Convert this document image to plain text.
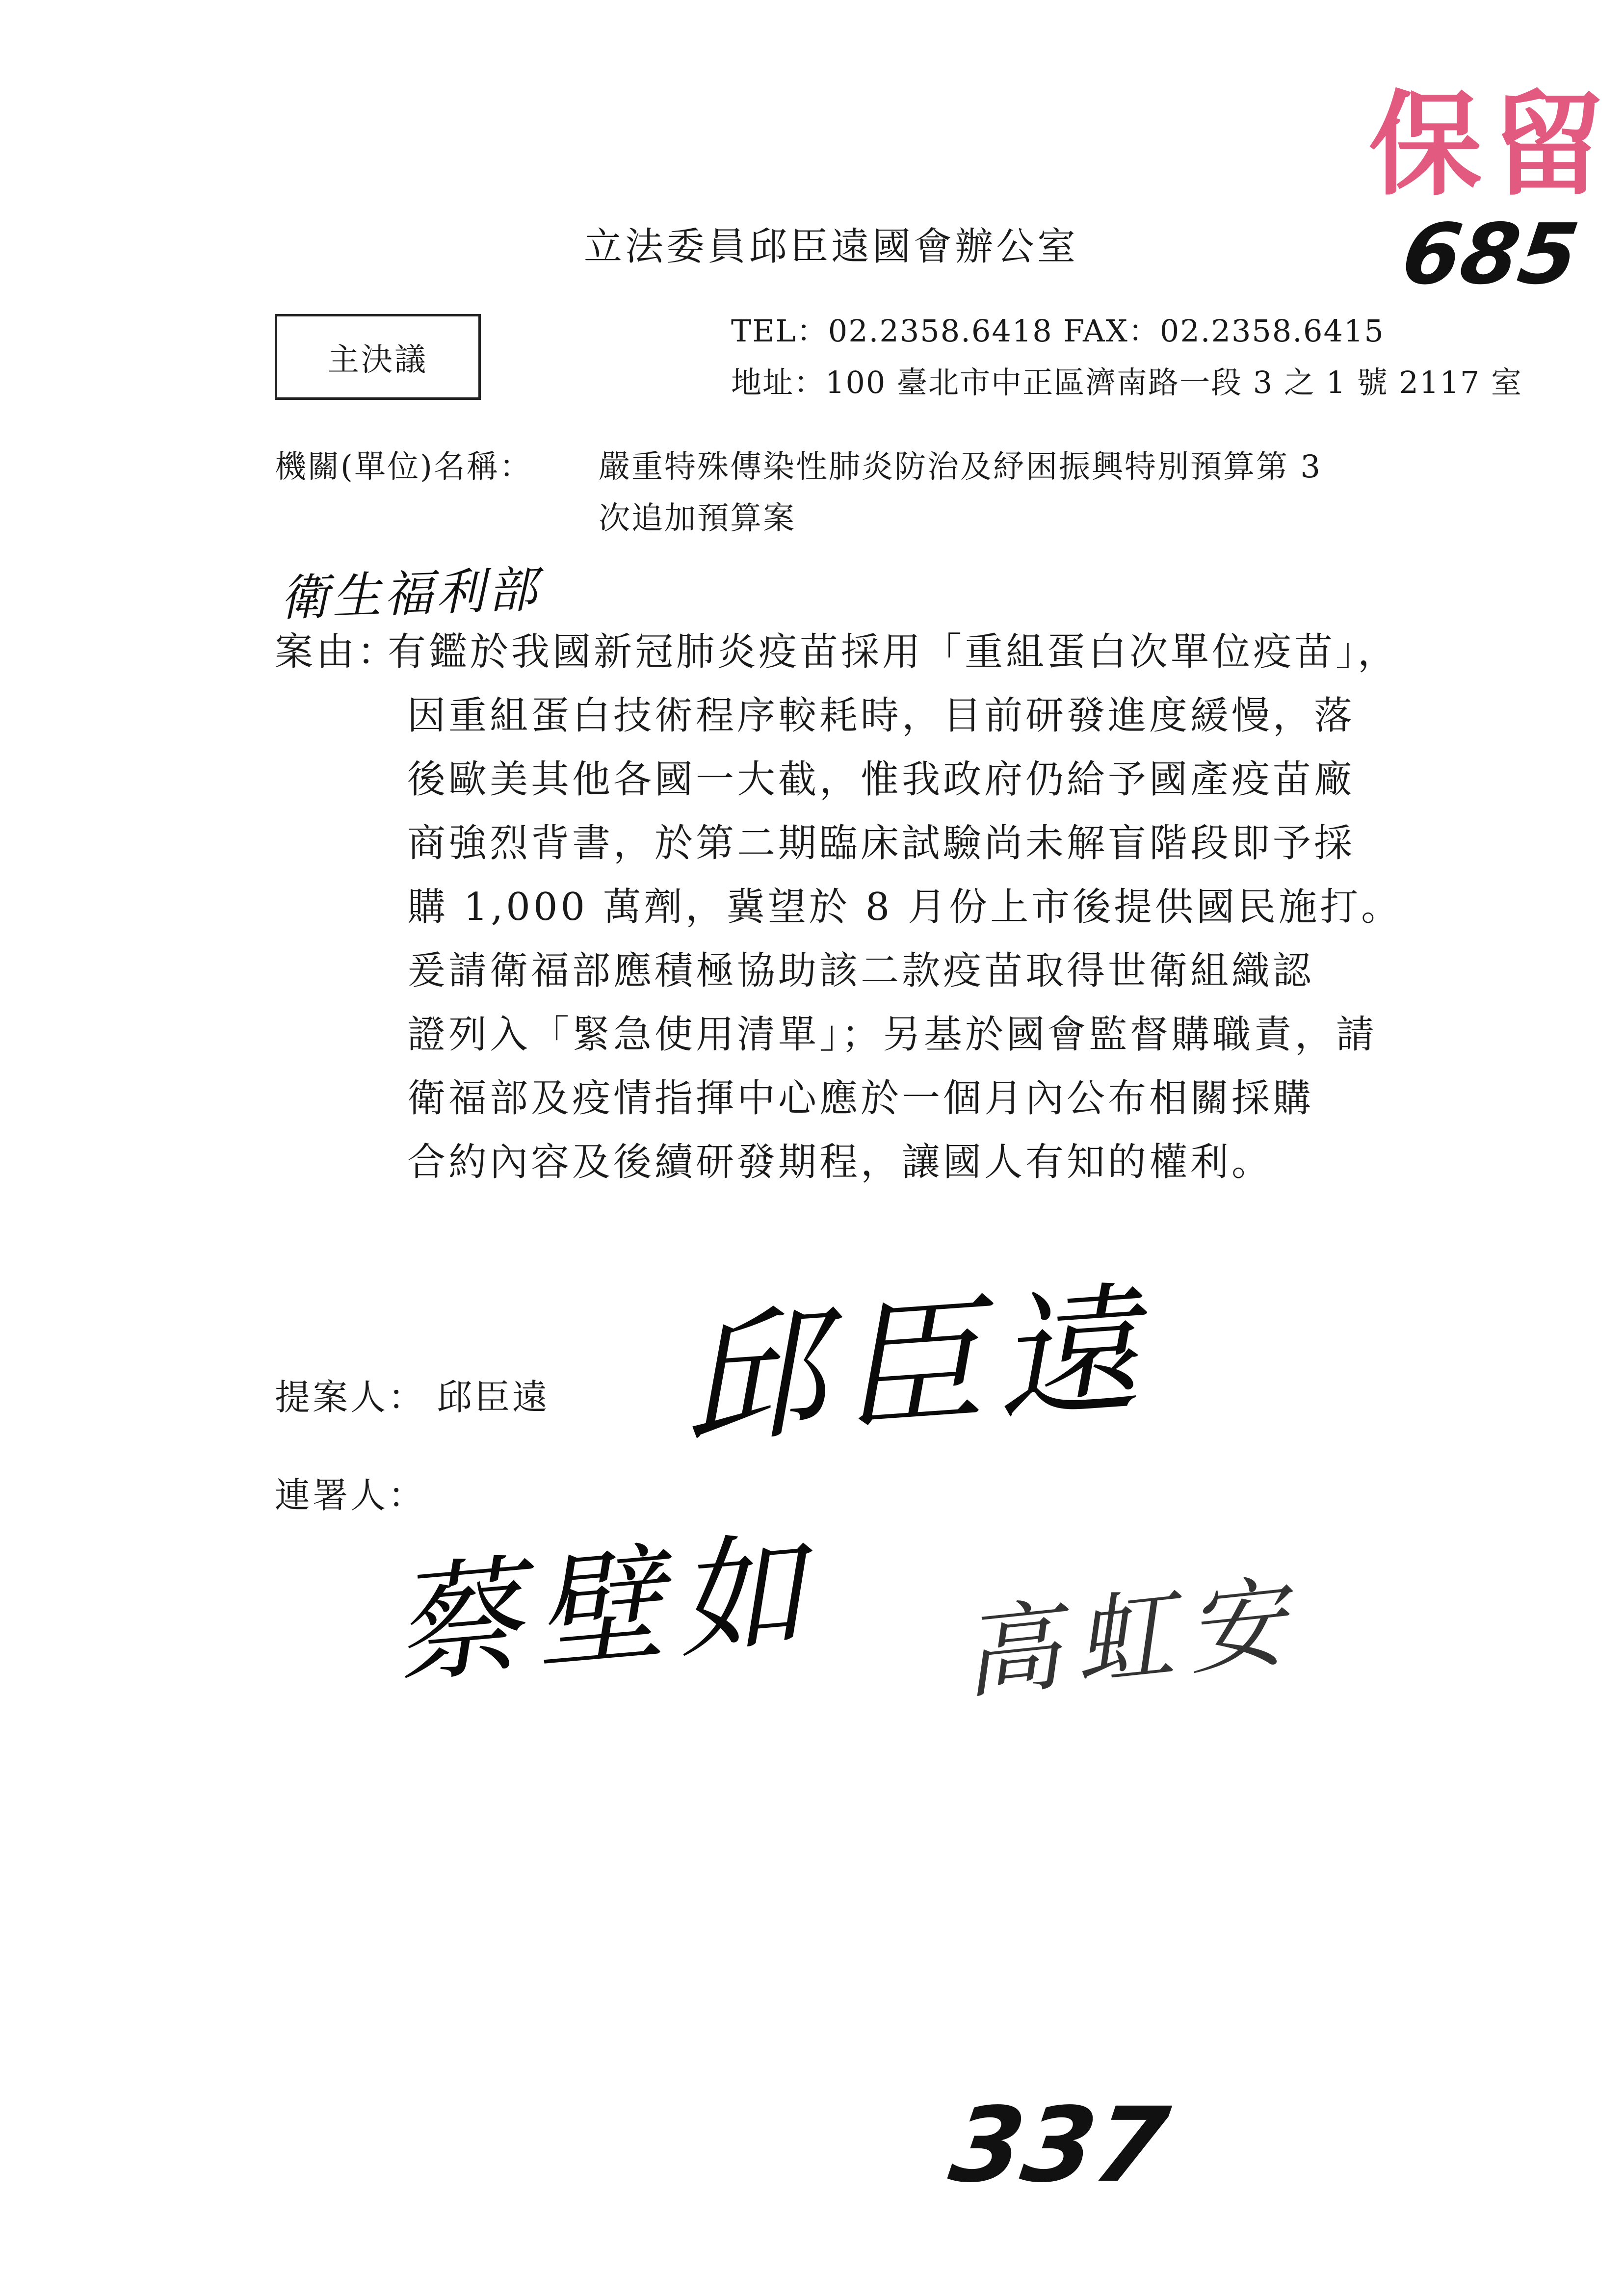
保留
685
立法委員邱臣遠國會辦公室
主決議
TEL：02.2358.6418 FAX：02.2358.6415
地址：100 臺北市中正區濟南路一段 3 之 1 號 2117 室
機關(單位)名稱： 嚴重特殊傳染性肺炎防治及紓困振興特別預算第 3
次追加預算案
衛生福利部
案由：
有鑑於我國新冠肺炎疫苗採用「重組蛋白次單位疫苗」，
因重組蛋白技術程序較耗時，目前研發進度緩慢，落
後歐美其他各國一大截，惟我政府仍給予國產疫苗廠
商強烈背書，於第二期臨床試驗尚未解盲階段即予採
購 1,000 萬劑，冀望於 8 月份上市後提供國民施打。
爰請衛福部應積極協助該二款疫苗取得世衛組織認
證列入「緊急使用清單」；另基於國會監督購職責，請
衛福部及疫情指揮中心應於一個月內公布相關採購
合約內容及後續研發期程，讓國人有知的權利。
提案人： 邱臣遠
連署人：
邱臣遠
蔡壁如 高虹安
337
